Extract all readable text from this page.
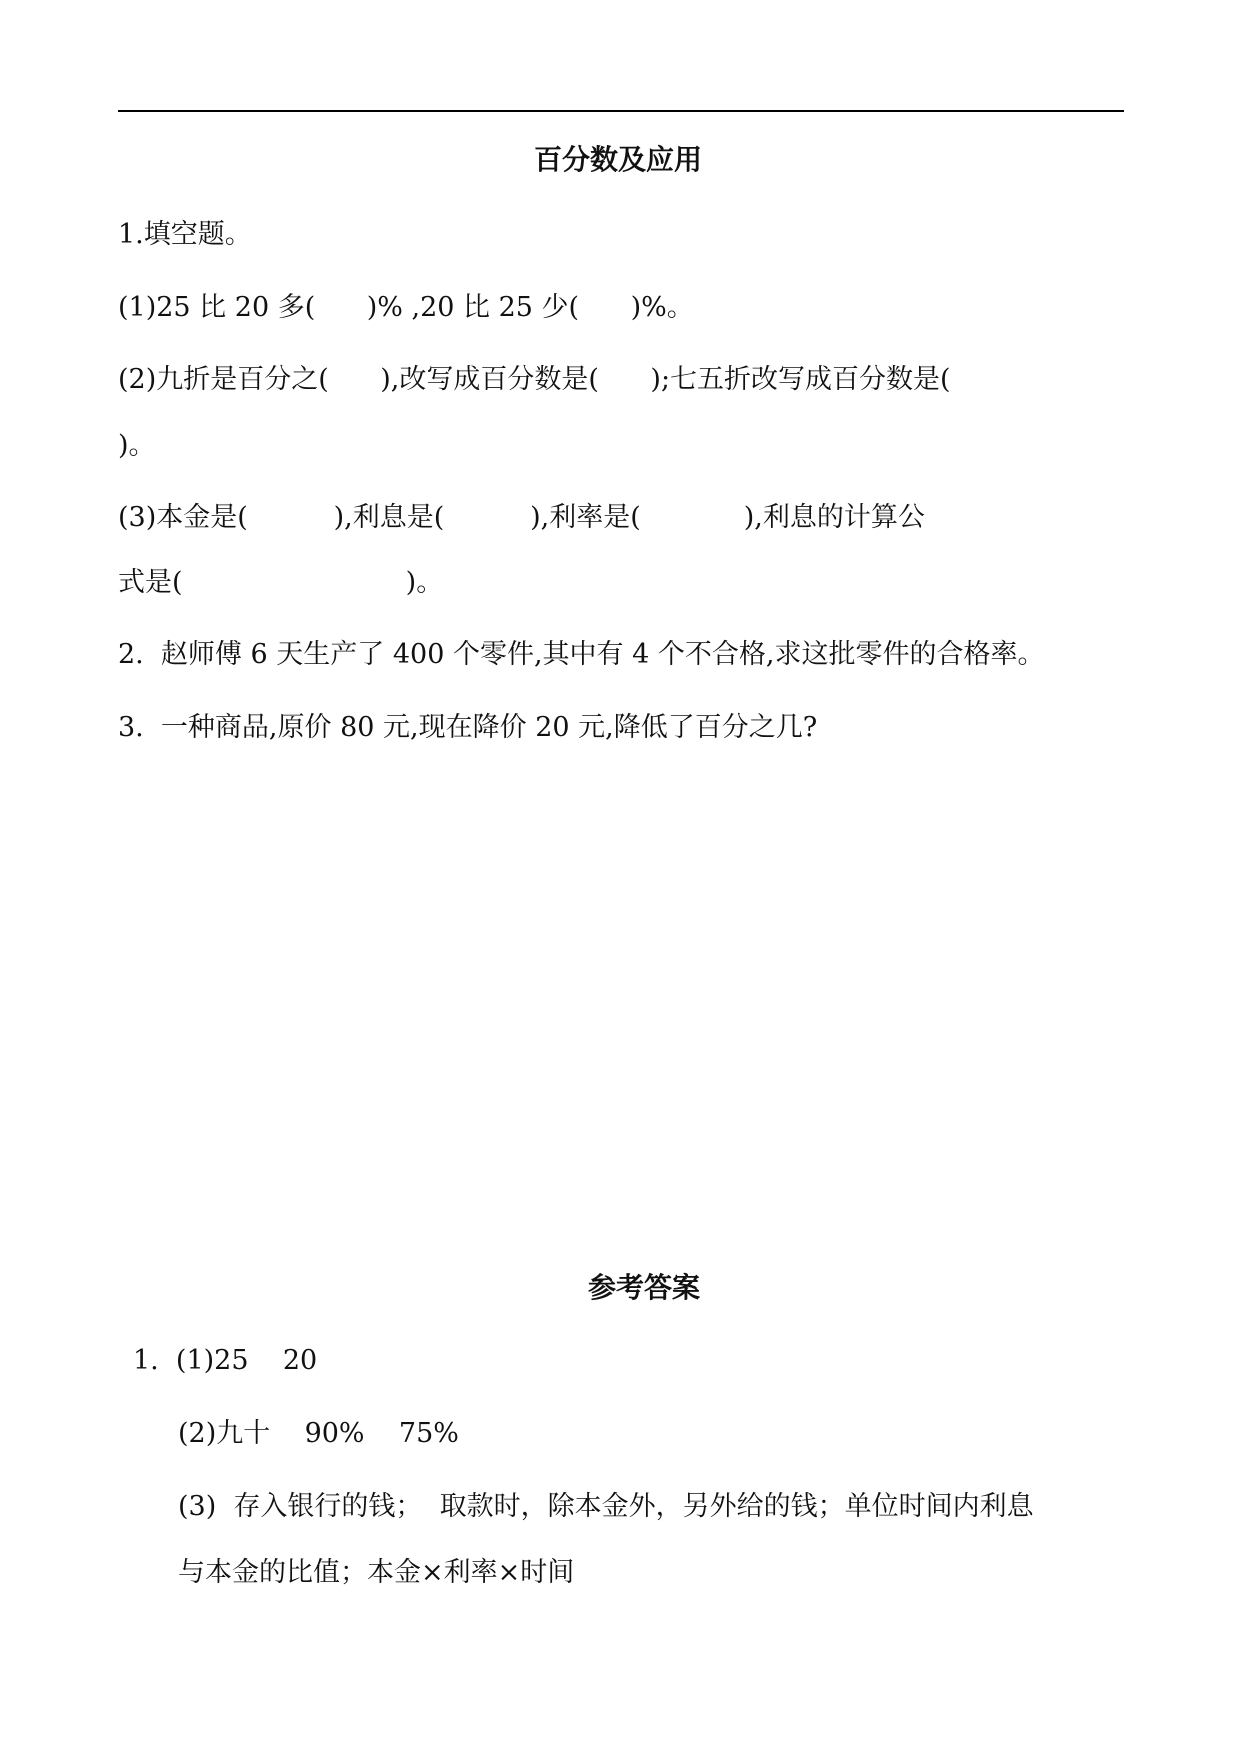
百分数及应用
1.填空题。
(1)25 比 20 多(      )% ,20 比 25 少(      )%。
(2)九折是百分之(      ),改写成百分数是(      );七五折改写成百分数是(
)。
(3)本金是(          ),利息是(          ),利率是(            ),利息的计算公
式是(                          )。
2.  赵师傅 6 天生产了 400 个零件,其中有 4 个不合格,求这批零件的合格率。
3.  一种商品,原价 80 元,现在降价 20 元,降低了百分之几?
参考答案
1.  (1)25    20
(2)九十    90%    75%
(3)  存入银行的钱；  取款时，除本金外，另外给的钱；单位时间内利息
与本金的比值；本金×利率×时间
